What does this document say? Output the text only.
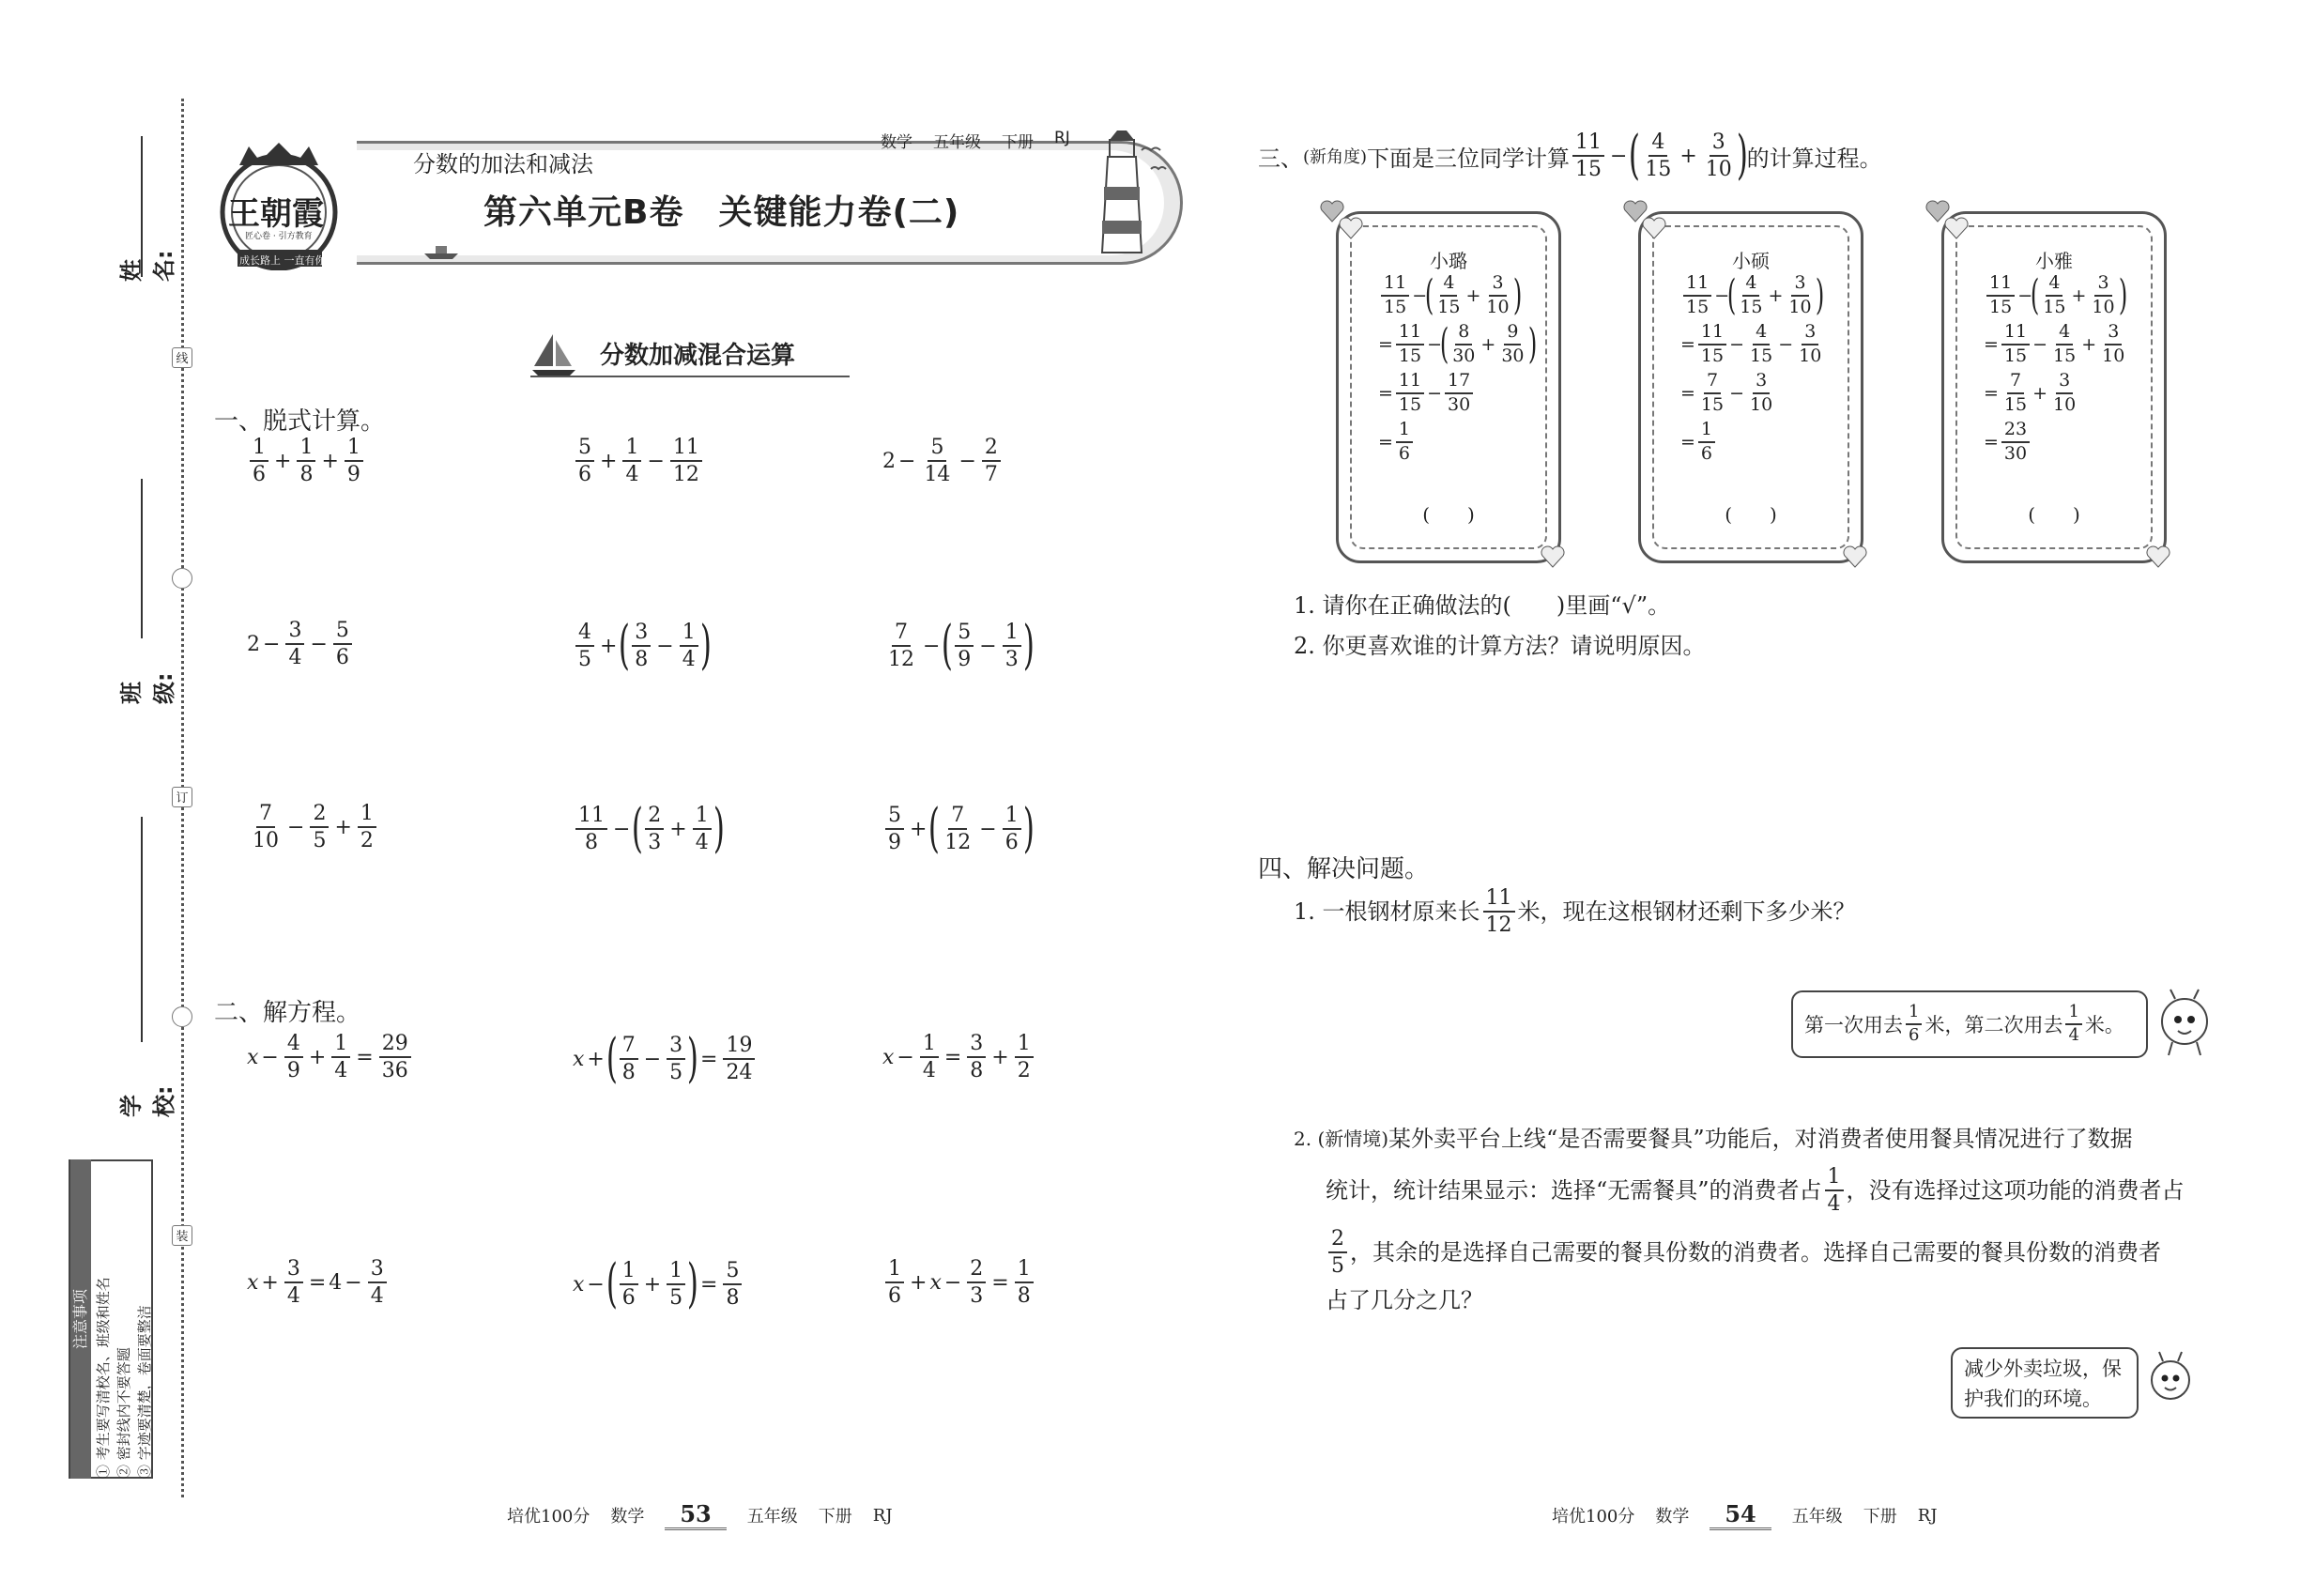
姓 名:
班 级:
学 校:
线
订
装
注意事项 ① 考生要写清校名、班级和姓名 ② 密封线内不要答题 ③ 字迹要清楚，卷面要整洁
王朝霞
匠心卷 · 引方教育
成长路上 一直有你
分数的加法和减法
数学 五年级 下册 RJ
第六单元B卷　关键能力卷(二)
分数加减混合运算
一、脱式计算。
$\frac{1}{6} + \frac{1}{8} + \frac{1}{9}$	$\frac{5}{6} + \frac{1}{4} - \frac{11}{12}$	$2 - \frac{5}{14} - \frac{2}{7}$
$2 - \frac{3}{4} - \frac{5}{6}$	$\frac{4}{5}$ + ( $\frac{3}{8} - \frac{1}{4}$ )	$\frac{7}{12}$ − ( $\frac{5}{9} - \frac{1}{3}$ )
$\frac{7}{10} - \frac{2}{5} + \frac{1}{2}$	$\frac{11}{8}$ − ( $\frac{2}{3} + \frac{1}{4}$ )	$\frac{5}{9}$ + ( $\frac{7}{12} - \frac{1}{6}$ )
二、解方程。
$x - \frac{4}{9} + \frac{1}{4} = \frac{29}{36}$	x + ( $\frac{7}{8} - \frac{3}{5}$ ) = $\frac{19}{24}$	$x - \frac{1}{4} = \frac{3}{8} + \frac{1}{2}$
$x + \frac{3}{4} = 4 - \frac{3}{4}$	x − ( $\frac{1}{6} + \frac{1}{5}$ ) = $\frac{5}{8}$	$\frac{1}{6} + x - \frac{2}{3} = \frac{1}{8}$
三、 (新角度) 下面是三位同学计算 $\frac{11}{15}$ − ( $\frac{4}{15} + \frac{3}{10}$ )
的计算过程。
小璐
$\frac{11}{15}$ −
( $\frac{4}{15} + \frac{3}{10}$ )
= $\frac{11}{15}$ −
( $\frac{8}{30} + \frac{9}{30}$ )
= $\frac{11}{15} - \frac{17}{30}$
= $\frac{1}{6}$
(　　)
小硕
$\frac{11}{15}$ −
( $\frac{4}{15} + \frac{3}{10}$ )
= $\frac{11}{15} - \frac{4}{15} - \frac{3}{10}$
= $\frac{7}{15} - \frac{3}{10}$
= $\frac{1}{6}$
(　　)
小雅
$\frac{11}{15}$ −
( $\frac{4}{15} + \frac{3}{10}$ )
= $\frac{11}{15} - \frac{4}{15} + \frac{3}{10}$
= $\frac{7}{15} + \frac{3}{10}$
= $\frac{23}{30}$
(　　)
1. 请你在正确做法的(　　)里画“√”。
2. 你更喜欢谁的计算方法？请说明原因。
四、解决问题。
1. 一根钢材原来长 $\frac{11}{12}$ 米，现在这根钢材还剩下多少米？
第一次用去 $\frac{1}{6}$ 米，第二次用去 $\frac{1}{4}$ 米。
2. (新情境) 某外卖平台上线“是否需要餐具”功能后，对消费者使用餐具情况进行了数据
统计，统计结果显示：选择“无需餐具”的消费者占 $\frac{1}{4}$ ，没有选择过这项功能的消费者占
$\frac{2}{5}$ ，其余的是选择自己需要的餐具份数的消费者。选择自己需要的餐具份数的消费者
占了几分之几？
减少外卖垃圾，保护我们的环境。
培优100分 数学	53	五年级 下册 RJ	培优100分 数学	54	五年级 下册 RJ
